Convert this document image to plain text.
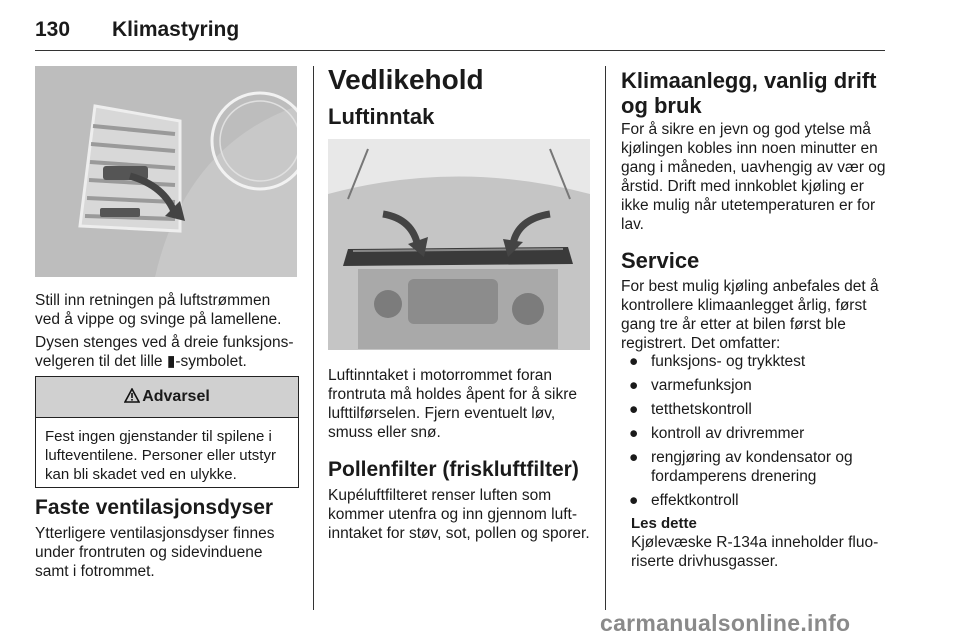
130 Klimastyring
Still inn retningen på luftstrømmen ved å vippe og svinge på lamellene.
Dysen stenges ved å dreie funksjons-velgeren til det lille ▮-symbolet.
Advarsel
Fest ingen gjenstander til spilene i lufteventilene. Personer eller utstyr kan bli skadet ved en ulykke.
Faste ventilasjonsdyser
Ytterligere ventilasjonsdyser finnes under frontruten og sidevinduene samt i fotrommet.
Vedlikehold
Luftinntak
Luftinntaket i motorrommet foran frontruta må holdes åpent for å sikre lufttilførselen. Fjern eventuelt løv, smuss eller snø.
Pollenfilter (friskluftfilter)
Kupéluftfilteret renser luften som kommer utenfra og inn gjennom luft-inntaket for støv, sot, pollen og sporer.
Klimaanlegg, vanlig drift og bruk
For å sikre en jevn og god ytelse må kjølingen kobles inn noen minutter en gang i måneden, uavhengig av vær og årstid. Drift med innkoblet kjøling er ikke mulig når utetemperaturen er for lav.
Service
For best mulig kjøling anbefales det å kontrollere klimaanlegget årlig, først gang tre år etter at bilen først ble registrert. Det omfatter:
● funksjons- og trykktest
● varmefunksjon
● tetthetskontroll
● kontroll av drivremmer
● rengjøring av kondensator og fordamperens drenering
● effektkontroll
Les dette
Kjølevæske R-134a inneholder fluo-riserte drivhusgasser.
carmanualsonline.info
